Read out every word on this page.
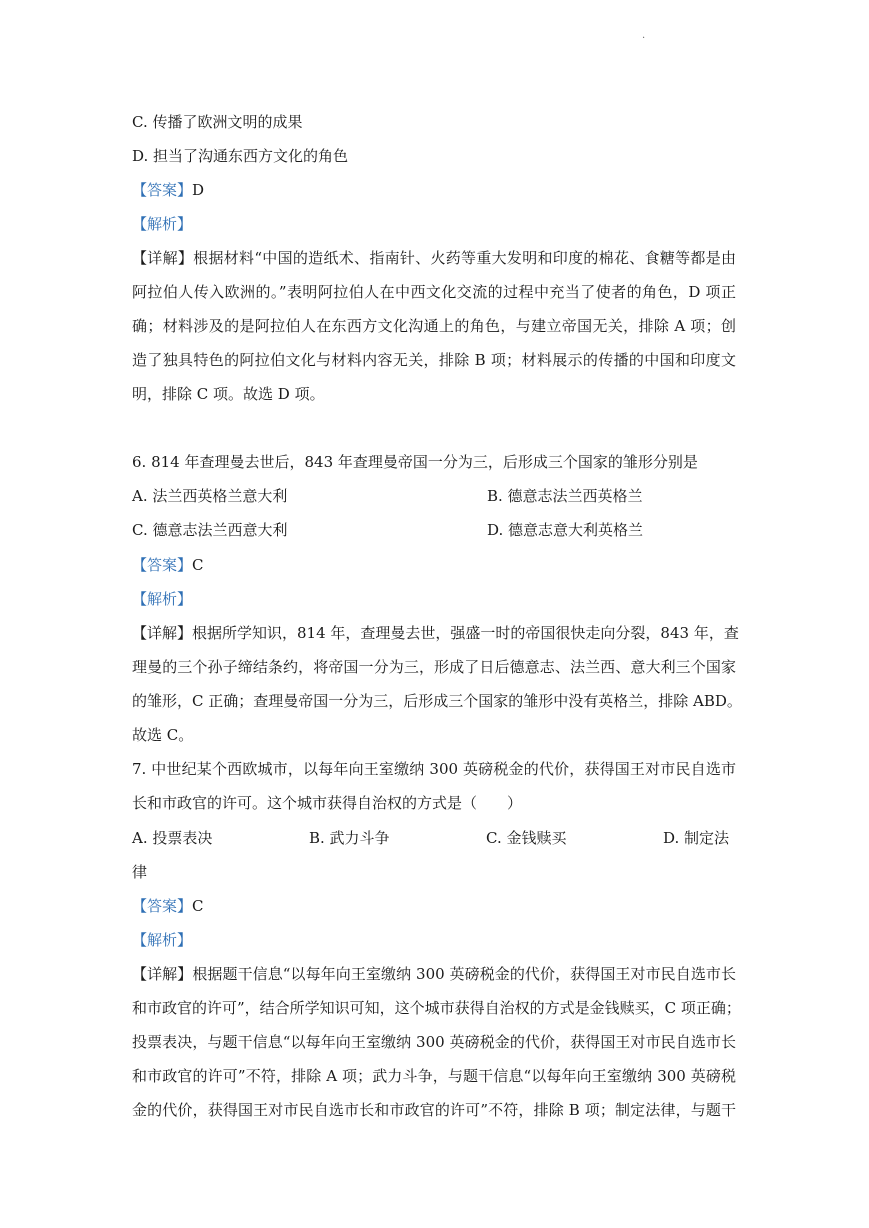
.
C. 传播了欧洲文明的成果
D. 担当了沟通东西方文化的角色
【答案】D
【解析】
【详解】根据材料“中国的造纸术、指南针、火药等重大发明和印度的棉花、食糖等都是由
阿拉伯人传入欧洲的。”表明阿拉伯人在中西文化交流的过程中充当了使者的角色，D 项正
确；材料涉及的是阿拉伯人在东西方文化沟通上的角色，与建立帝国无关，排除 A 项；创
造了独具特色的阿拉伯文化与材料内容无关，排除 B 项；材料展示的传播的中国和印度文
明，排除 C 项。故选 D 项。
6. 814 年查理曼去世后，843 年查理曼帝国一分为三，后形成三个国家的雏形分别是
A. 法兰西英格兰意大利	B. 德意志法兰西英格兰
C. 德意志法兰西意大利	D. 德意志意大利英格兰
【答案】C
【解析】
【详解】根据所学知识，814 年，查理曼去世，强盛一时的帝国很快走向分裂，843 年，查
理曼的三个孙子缔结条约，将帝国一分为三，形成了日后德意志、法兰西、意大利三个国家
的雏形，C 正确；查理曼帝国一分为三，后形成三个国家的雏形中没有英格兰，排除 ABD。
故选 C。
7. 中世纪某个西欧城市，以每年向王室缴纳 300 英磅税金的代价，获得国王对市民自选市
长和市政官的许可。这个城市获得自治权的方式是（　　）
A. 投票表决	B. 武力斗争	C. 金钱赎买	D. 制定法
律
【答案】C
【解析】
【详解】根据题干信息“以每年向王室缴纳 300 英磅税金的代价，获得国王对市民自选市长
和市政官的许可”，结合所学知识可知，这个城市获得自治权的方式是金钱赎买，C 项正确；
投票表决，与题干信息“以每年向王室缴纳 300 英磅税金的代价，获得国王对市民自选市长
和市政官的许可”不符，排除 A 项；武力斗争，与题干信息“以每年向王室缴纳 300 英磅税
金的代价，获得国王对市民自选市长和市政官的许可”不符，排除 B 项；制定法律，与题干
